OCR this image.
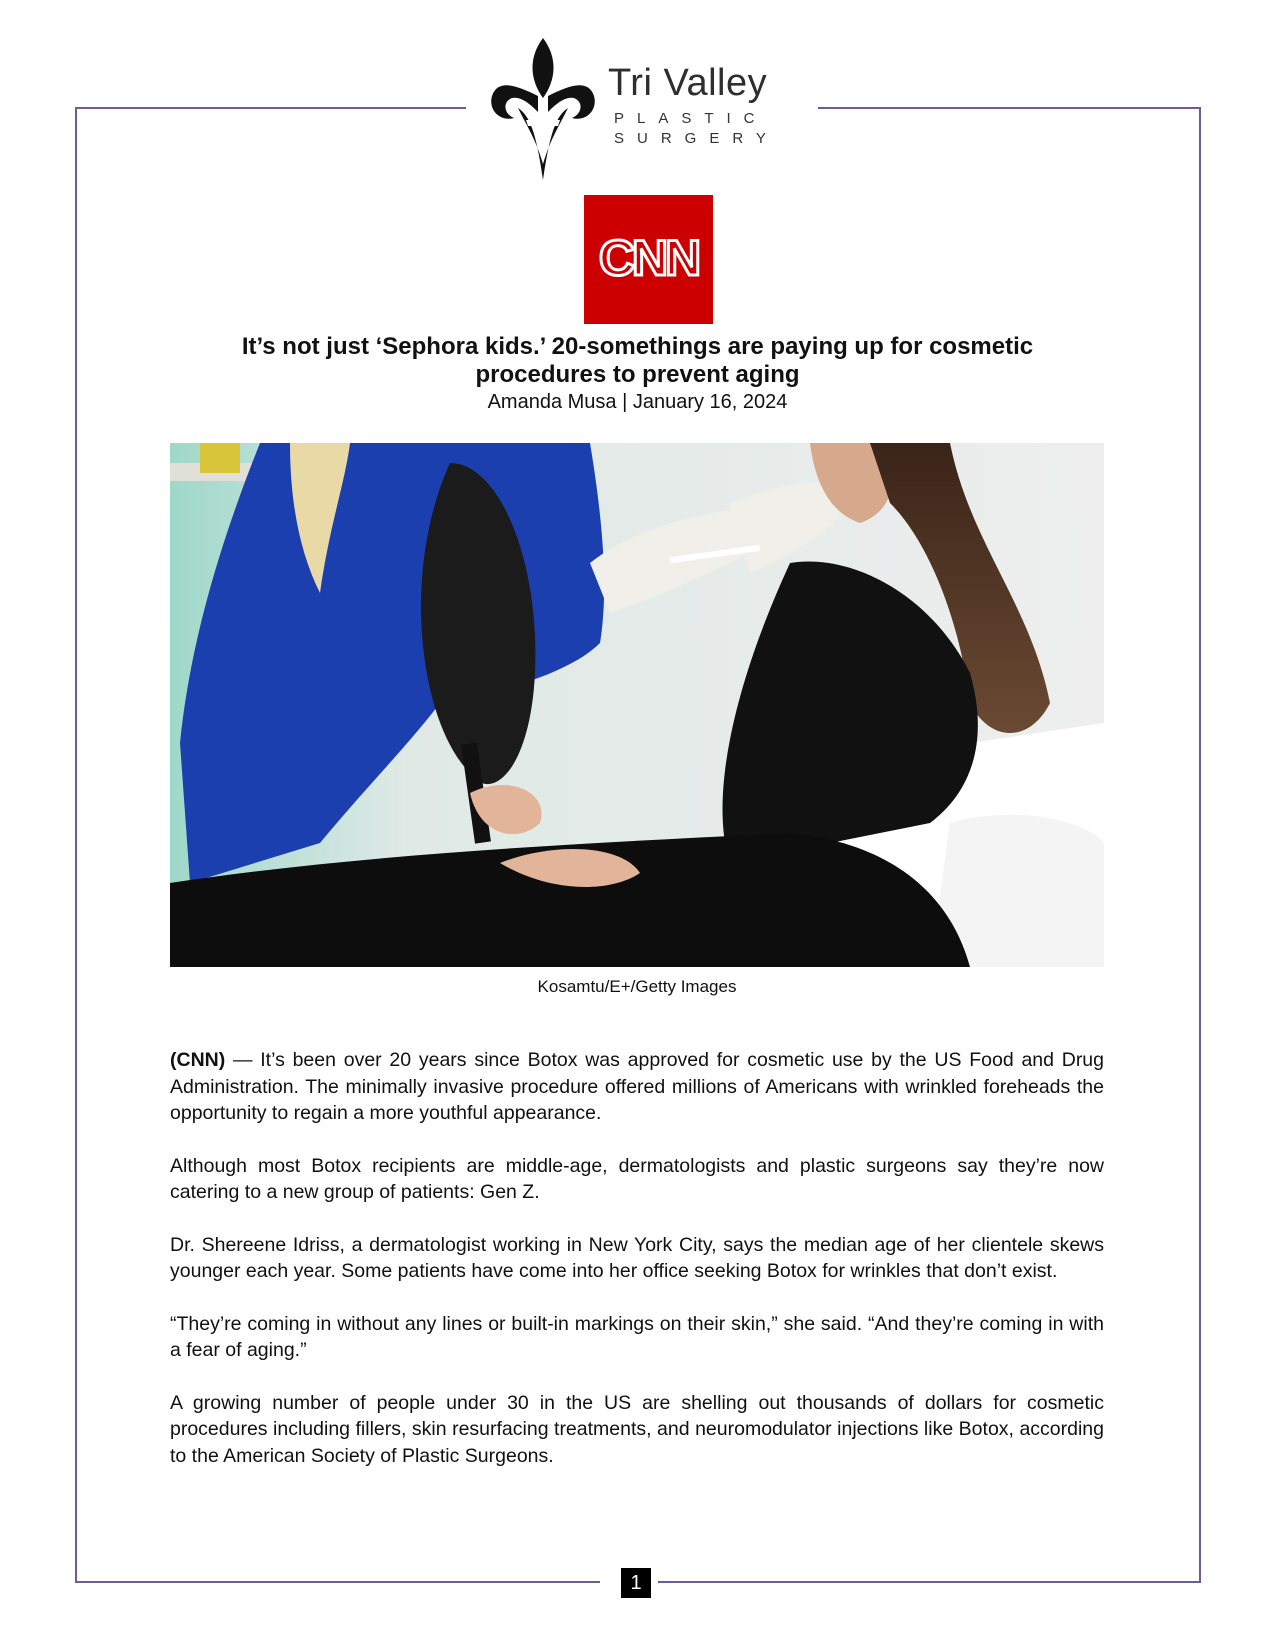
Tri Valley
PLASTIC
SURGERY
CNN
It’s not just ‘Sephora kids.’ 20-somethings are paying up for cosmetic procedures to prevent aging
Amanda Musa | January 16, 2024
Kosamtu/E+/Getty Images

(CNN) — It’s been over 20 years since Botox was approved for cosmetic use by the US Food and Drug Administration. The minimally invasive procedure offered millions of Americans with wrinkled foreheads the opportunity to regain a more youthful appearance.

Although most Botox recipients are middle-age, dermatologists and plastic surgeons say they’re now catering to a new group of patients: Gen Z.

Dr. Shereene Idriss, a dermatologist working in New York City, says the median age of her clientele skews younger each year. Some patients have come into her office seeking Botox for wrinkles that don’t exist.

“They’re coming in without any lines or built-in markings on their skin,” she said. “And they’re coming in with a fear of aging.”

A growing number of people under 30 in the US are shelling out thousands of dollars for cosmetic procedures including fillers, skin resurfacing treatments, and neuromodulator injections like Botox, according to the American Society of Plastic Surgeons.

1
